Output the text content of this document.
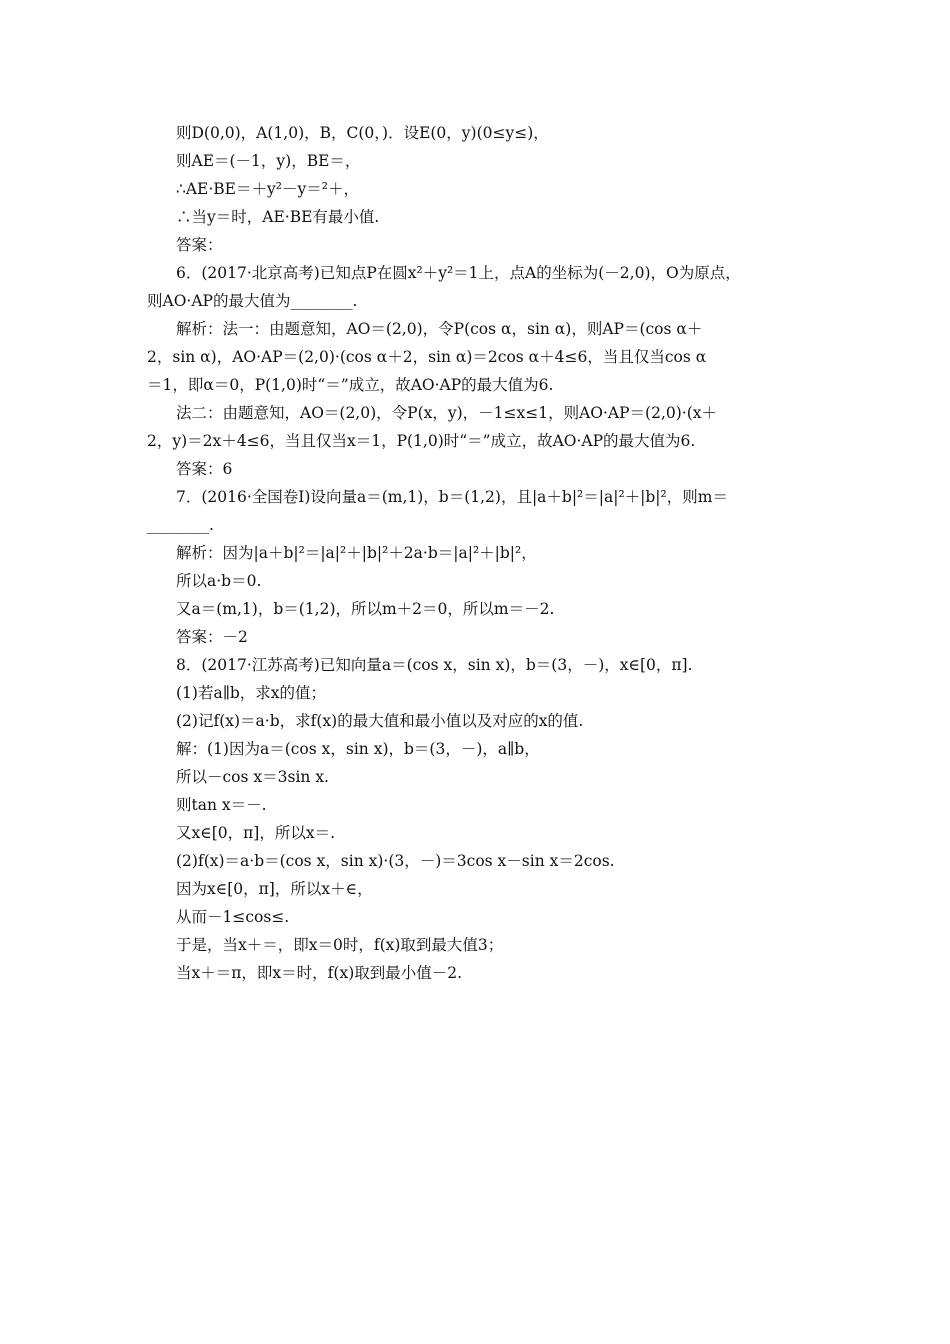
则D(0,0)，A(1,0)，B，C(0，)．设E(0，y)(0≤y≤)，
则AE＝(－1，y)，BE＝，
∴AE·BE＝＋y²－y＝²＋，
∴当y＝时，AE·BE有最小值.
答案：
6．(2017·北京高考)已知点P在圆x²＋y²＝1上，点A的坐标为(－2,0)，O为原点，
则AO·AP的最大值为________.
解析：法一：由题意知，AO＝(2,0)，令P(cos α，sin α)，则AP＝(cos α＋
2，sin α)，AO·AP＝(2,0)·(cos α＋2，sin α)＝2cos α＋4≤6，当且仅当cos α
＝1，即α＝0，P(1,0)时“＝”成立，故AO·AP的最大值为6.
法二：由题意知，AO＝(2,0)，令P(x，y)，－1≤x≤1，则AO·AP＝(2,0)·(x＋
2，y)＝2x＋4≤6，当且仅当x＝1，P(1,0)时“＝”成立，故AO·AP的最大值为6.
答案：6
7．(2016·全国卷Ⅰ)设向量a＝(m,1)，b＝(1,2)，且|a＋b|²＝|a|²＋|b|²，则m＝
________.
解析：因为|a＋b|²＝|a|²＋|b|²＋2a·b＝|a|²＋|b|²，
所以a·b＝0.
又a＝(m,1)，b＝(1,2)，所以m＋2＝0，所以m＝－2.
答案：－2
8．(2017·江苏高考)已知向量a＝(cos x，sin x)，b＝(3，－)，x∈[0，π].
(1)若a∥b，求x的值；
(2)记f(x)＝a·b，求f(x)的最大值和最小值以及对应的x的值.
解：(1)因为a＝(cos x，sin x)，b＝(3，－)，a∥b，
所以－cos x＝3sin x.
则tan x＝－.
又x∈[0，π]，所以x＝.
(2)f(x)＝a·b＝(cos x，sin x)·(3，－)＝3cos x－sin x＝2cos.
因为x∈[0，π]，所以x＋∈，
从而－1≤cos≤.
于是，当x＋＝，即x＝0时，f(x)取到最大值3；
当x＋＝π，即x＝时，f(x)取到最小值－2.
